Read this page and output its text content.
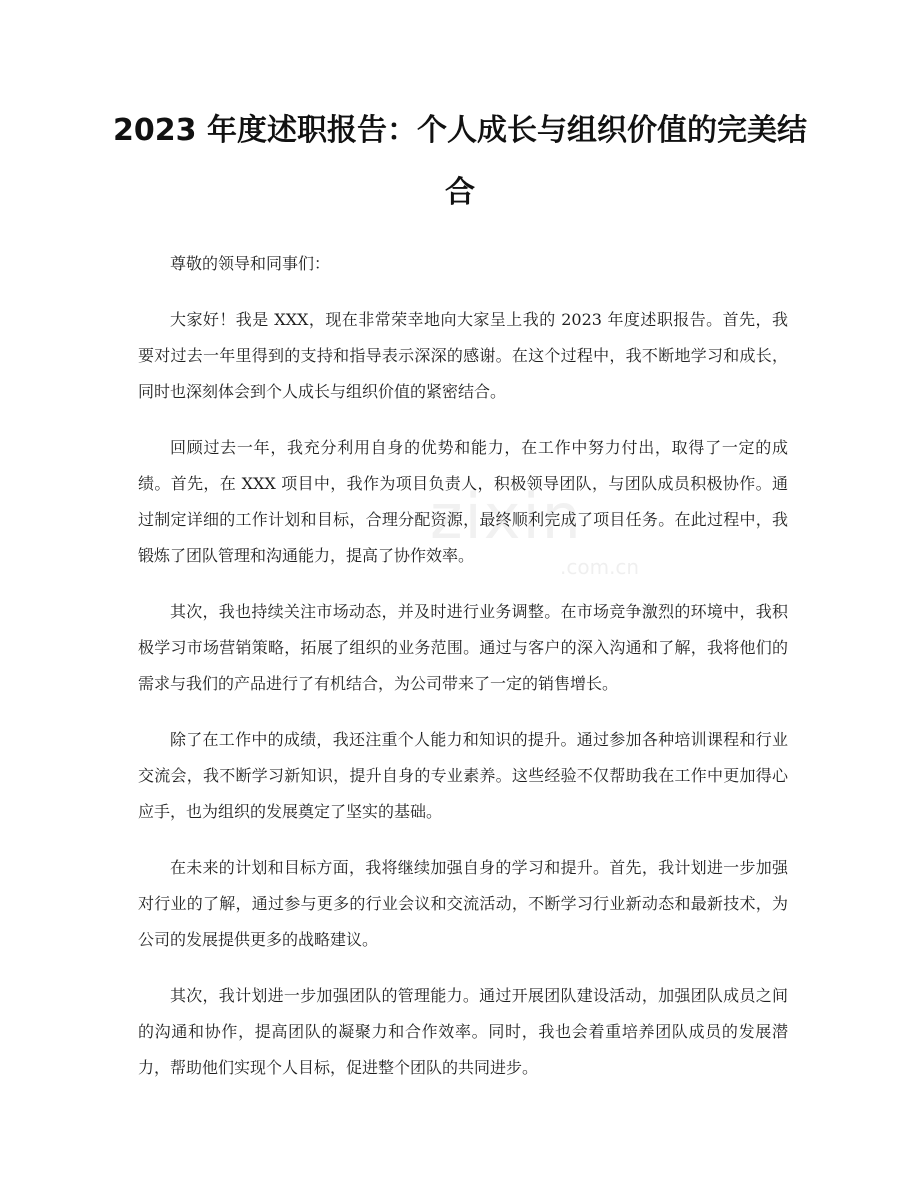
2023 年度述职报告：个人成长与组织价值的完美结合
zixin
.com.cn

尊敬的领导和同事们：

大家好！我是 XXX，现在非常荣幸地向大家呈上我的 2023 年度述职报告。首先，我要对过去一年里得到的支持和指导表示深深的感谢。在这个过程中，我不断地学习和成长，同时也深刻体会到个人成长与组织价值的紧密结合。

回顾过去一年，我充分利用自身的优势和能力，在工作中努力付出，取得了一定的成绩。首先，在 XXX 项目中，我作为项目负责人，积极领导团队，与团队成员积极协作。通过制定详细的工作计划和目标，合理分配资源，最终顺利完成了项目任务。在此过程中，我锻炼了团队管理和沟通能力，提高了协作效率。

其次，我也持续关注市场动态，并及时进行业务调整。在市场竞争激烈的环境中，我积极学习市场营销策略，拓展了组织的业务范围。通过与客户的深入沟通和了解，我将他们的需求与我们的产品进行了有机结合，为公司带来了一定的销售增长。

除了在工作中的成绩，我还注重个人能力和知识的提升。通过参加各种培训课程和行业交流会，我不断学习新知识，提升自身的专业素养。这些经验不仅帮助我在工作中更加得心应手，也为组织的发展奠定了坚实的基础。

在未来的计划和目标方面，我将继续加强自身的学习和提升。首先，我计划进一步加强对行业的了解，通过参与更多的行业会议和交流活动，不断学习行业新动态和最新技术，为公司的发展提供更多的战略建议。

其次，我计划进一步加强团队的管理能力。通过开展团队建设活动，加强团队成员之间的沟通和协作，提高团队的凝聚力和合作效率。同时，我也会着重培养团队成员的发展潜力，帮助他们实现个人目标，促进整个团队的共同进步。
